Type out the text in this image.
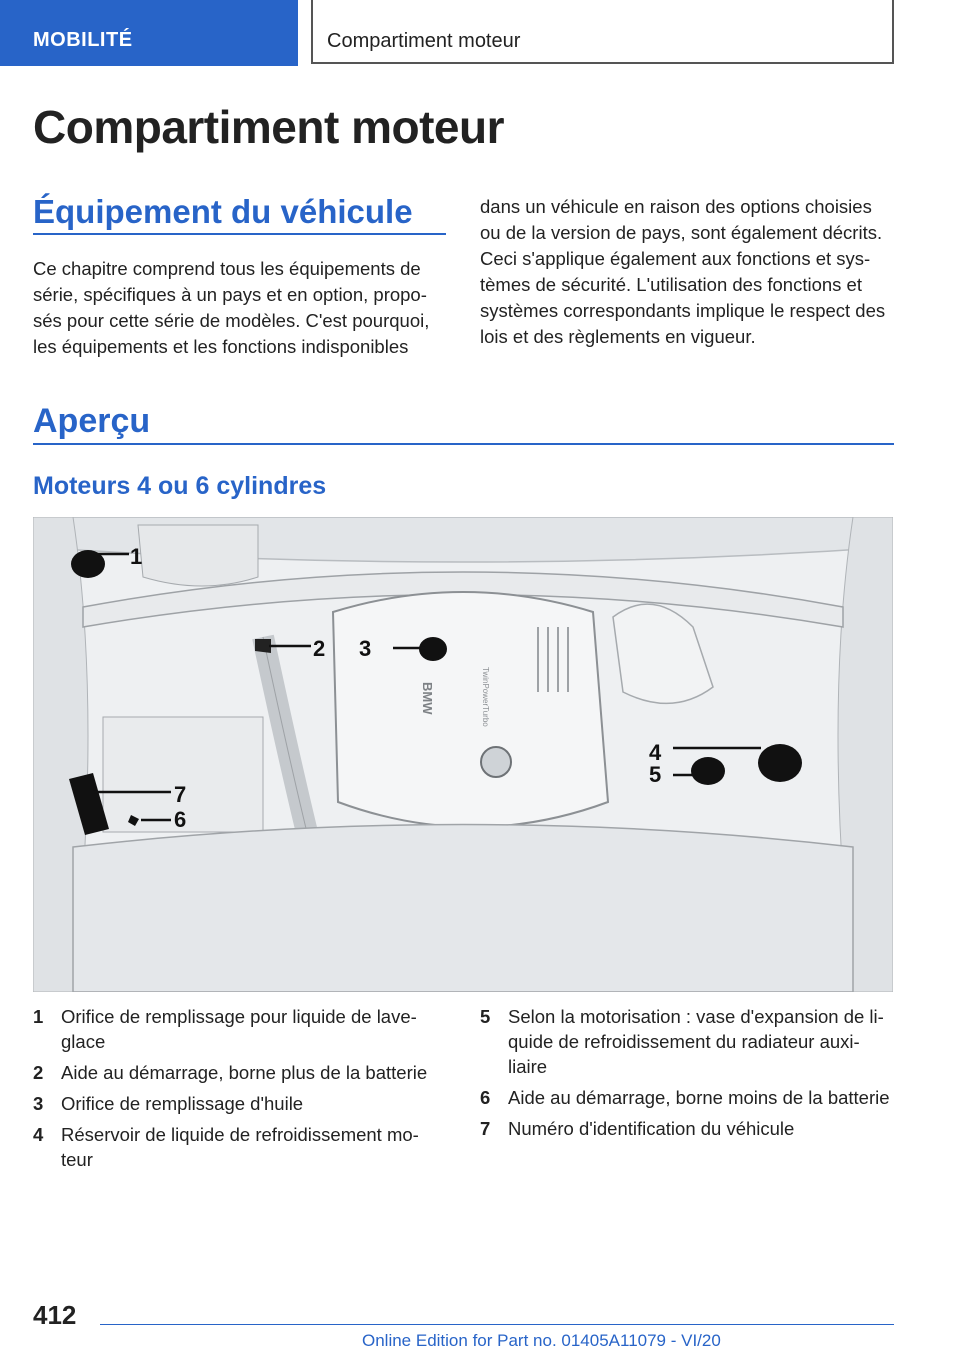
MOBILITÉ	Compartiment moteur
Compartiment moteur
Équipement du véhicule

Ce chapitre comprend tous les équipements de série, spécifiques à un pays et en option, proposés pour cette série de modèles. C'est pourquoi, les équipements et les fonctions indisponibles

dans un véhicule en raison des options choisies ou de la version de pays, sont également décrits. Ceci s'applique également aux fonctions et systèmes de sécurité. L'utilisation des fonctions et systèmes correspondants implique le respect des lois et des règlements en vigueur.

Aperçu
Moteurs 4 ou 6 cylindres
BMW	TwinPowerTurbo
1
2 3
4
5
6
7
1 Orifice de remplissage pour liquide de laveglace
2 Aide au démarrage, borne plus de la batterie
3 Orifice de remplissage d'huile
4 Réservoir de liquide de refroidissement moteur
5 Selon la motorisation : vase d'expansion de liquide de refroidissement du radiateur auxiliaire
6 Aide au démarrage, borne moins de la batterie
7 Numéro d'identification du véhicule
412
Online Edition for Part no. 01405A11079 - VI/20
